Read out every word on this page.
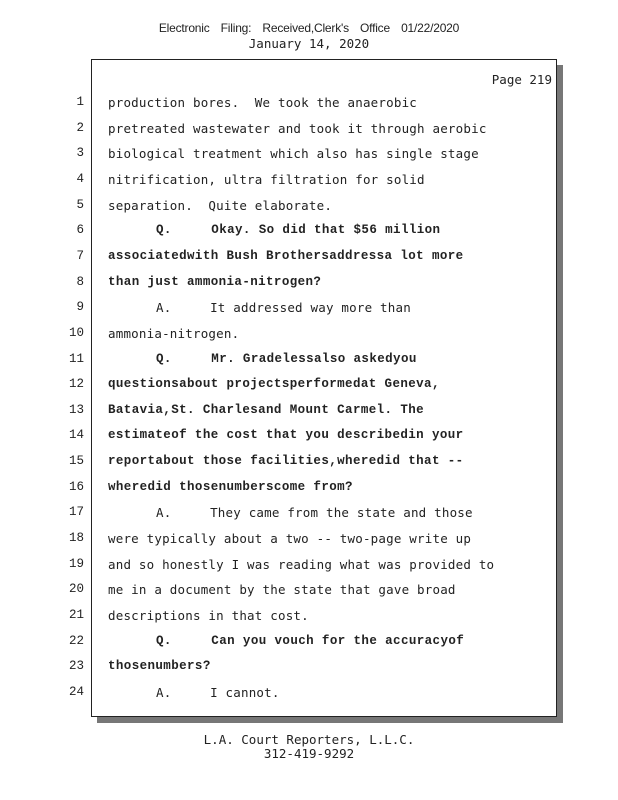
Electronic Filing: Received,Clerk's Office 01/22/2020
January 14, 2020
Page 219
1 production bores.  We took the anaerobic
2 pretreated wastewater and took it through aerobic
3 biological treatment which also has single stage
4 nitrification, ultra filtration for solid
5 separation.  Quite elaborate.
6	Q.     Okay. So did that $56 million
7 associatedwith Bush Brothersaddressa lot more
8 than just ammonia-nitrogen?
9	A.     It addressed way more than
10 ammonia-nitrogen.
11	Q.     Mr. Gradelessalso askedyou
12 questionsabout projectsperformedat Geneva,
13 Batavia,St. Charlesand Mount Carmel. The
14 estimateof the cost that you describedin your
15 reportabout those facilities,wheredid that --
16 wheredid thosenumberscome from?
17	A.     They came from the state and those
18 were typically about a two -- two-page write up
19 and so honestly I was reading what was provided to
20 me in a document by the state that gave broad
21 descriptions in that cost.
22	Q.     Can you vouch for the accuracyof
23 thosenumbers?
24	A.     I cannot.
L.A. Court Reporters, L.L.C.
312-419-9292
